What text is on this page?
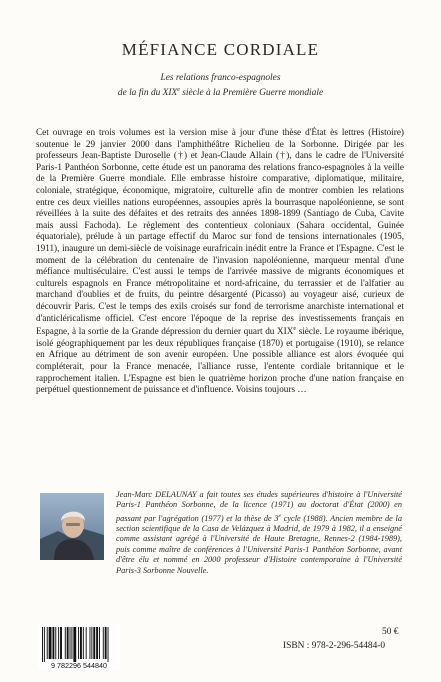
MÉFIANCE CORDIALE
Les relations franco-espagnoles
de la fin du XIXe siècle à la Première Guerre mondiale
Cet ouvrage en trois volumes est la version mise à jour d'une thèse d'État ès lettres (Histoire) soutenue le 29 janvier 2000 dans l'amphithéâtre Richelieu de la Sorbonne. Dirigée par les professeurs Jean-Baptiste Duroselle (†) et Jean-Claude Allain (†), dans le cadre de l'Université Paris-1 Panthéon Sorbonne, cette étude est un panorama des relations franco-espagnoles à la veille de la Première Guerre mondiale. Elle embrasse histoire comparative, diplomatique, militaire, coloniale, stratégique, économique, migratoire, culturelle afin de montrer combien les relations entre ces deux vieilles nations européennes, assoupies après la bourrasque napoléonienne, se sont réveillées à la suite des défaites et des retraits des années 1898-1899 (Santiago de Cuba, Cavite mais aussi Fachoda). Le règlement des contentieux coloniaux (Sahara occidental, Guinée équatoriale), prélude à un partage effectif du Maroc sur fond de tensions internationales (1905, 1911), inaugure un demi-siècle de voisinage eurafricain inédit entre la France et l'Espagne. C'est le moment de la célébration du centenaire de l'invasion napoléonienne, marqueur mental d'une méfiance multiséculaire. C'est aussi le temps de l'arrivée massive de migrants économiques et culturels espagnols en France métropolitaine et nord-africaine, du terrassier et de l'alfatier au marchand d'oublies et de fruits, du peintre désargenté (Picasso) au voyageur aisé, curieux de découvrir Paris. C'est le temps des exils croisés sur fond de terrorisme anarchiste international et d'anticléricalisme officiel. C'est encore l'époque de la reprise des investissements français en Espagne, à la sortie de la Grande dépression du dernier quart du XIXe siècle. Le royaume ibérique, isolé géographiquement par les deux républiques française (1870) et portugaise (1910), se relance en Afrique au détriment de son avenir européen. Une possible alliance est alors évoquée qui compléterait, pour la France menacée, l'alliance russe, l'entente cordiale britannique et le rapprochement italien. L'Espagne est bien le quatrième horizon proche d'une nation française en perpétuel questionnement de puissance et d'influence. Voisins toujours …
Jean-Marc DELAUNAY a fait toutes ses études supérieures d'histoire à l'Université Paris-1 Panthéon Sorbonne, de la licence (1971) au doctorat d'État (2000) en passant par l'agrégation (1977) et la thèse de 3e cycle (1988). Ancien membre de la section scientifique de la Casa de Velázquez à Madrid, de 1979 à 1982, il a enseigné comme assistant agrégé à l'Université de Haute Bretagne, Rennes-2 (1984-1989), puis comme maître de conférences à l'Université Paris-1 Panthéon Sorbonne, avant d'être élu et nommé en 2000 professeur d'Histoire contemporaine à l'Université Paris-3 Sorbonne Nouvelle.
9 782296 544840
50 €
ISBN : 978-2-296-54484-0
